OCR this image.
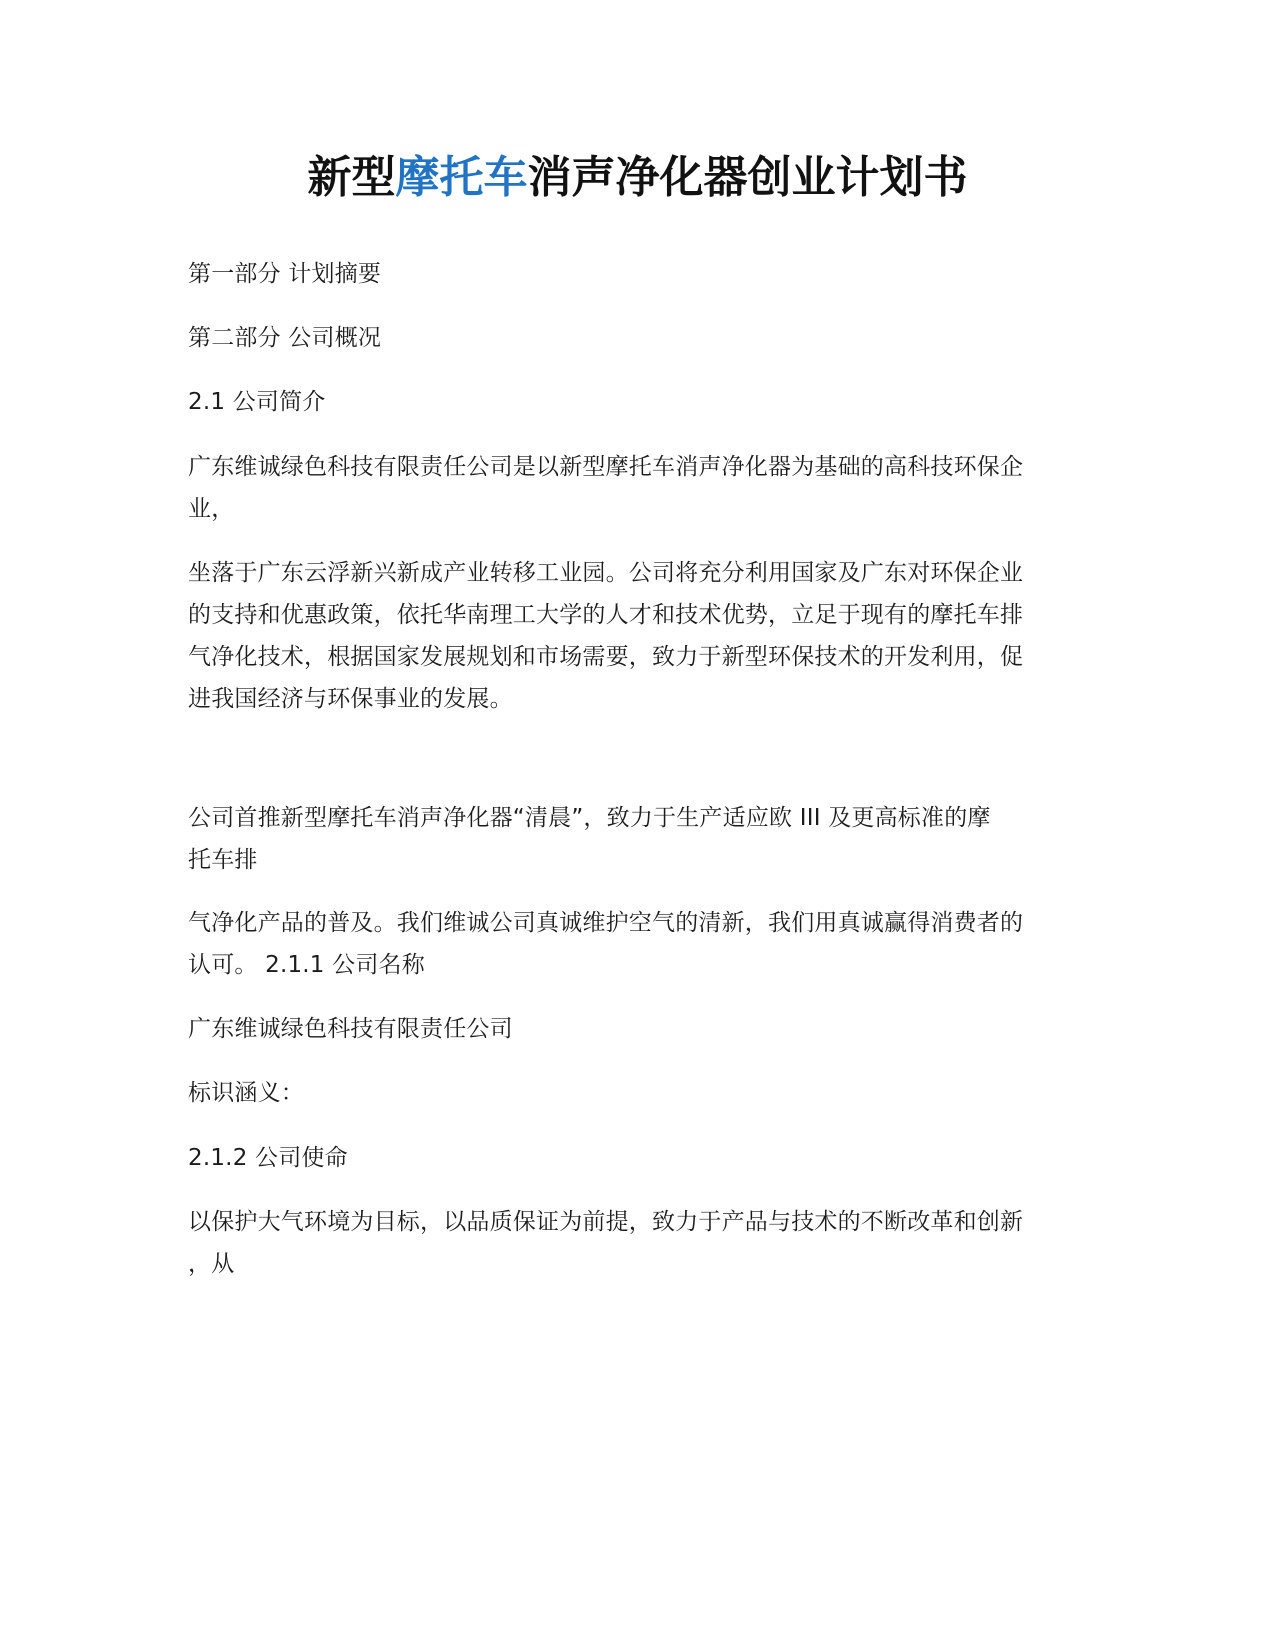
新型摩托车消声净化器创业计划书

第一部分 计划摘要

第二部分 公司概况

2.1 公司简介

广东维诚绿色科技有限责任公司是以新型摩托车消声净化器为基础的高科技环保企
业，

坐落于广东云浮新兴新成产业转移工业园。公司将充分利用国家及广东对环保企业
的支持和优惠政策，依托华南理工大学的人才和技术优势，立足于现有的摩托车排
气净化技术，根据国家发展规划和市场需要，致力于新型环保技术的开发利用，促
进我国经济与环保事业的发展。

公司首推新型摩托车消声净化器“清晨”，致力于生产适应欧 III 及更高标准的摩
托车排

气净化产品的普及。我们维诚公司真诚维护空气的清新，我们用真诚赢得消费者的
认可。 2.1.1 公司名称

广东维诚绿色科技有限责任公司

标识涵义：

2.1.2 公司使命

以保护大气环境为目标，以品质保证为前提，致力于产品与技术的不断改革和创新
，从
